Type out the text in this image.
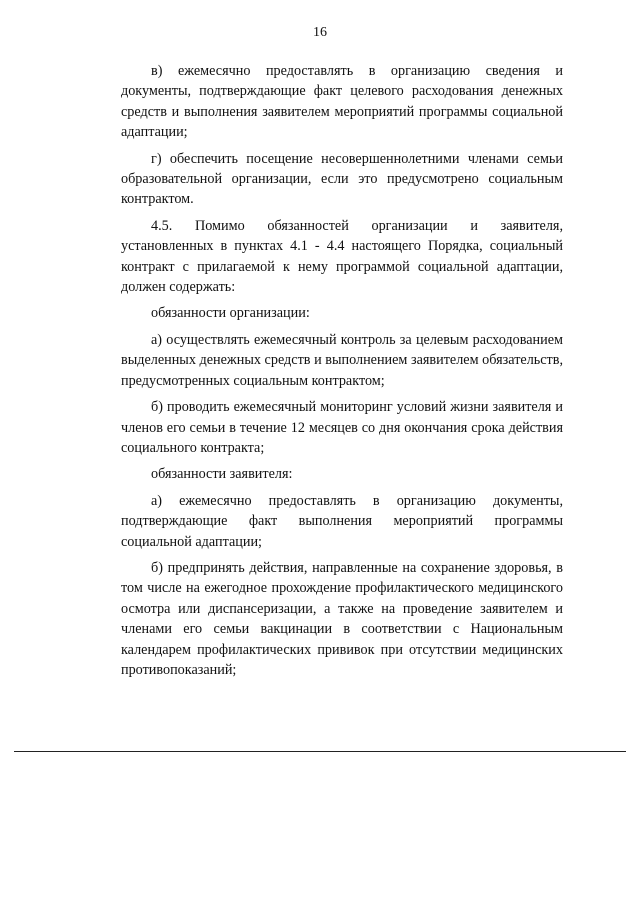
16

в) ежемесячно предоставлять в организацию сведения и документы, подтверждающие факт целевого расходования денежных средств и выполнения заявителем мероприятий программы социальной адаптации;

г) обеспечить посещение несовершеннолетними членами семьи образовательной организации, если это предусмотрено социальным контрактом.

4.5. Помимо обязанностей организации и заявителя, установленных в пунктах 4.1 - 4.4 настоящего Порядка, социальный контракт с прилагаемой к нему программой социальной адаптации, должен содержать:

обязанности организации:

а) осуществлять ежемесячный контроль за целевым расходованием выделенных денежных средств и выполнением заявителем обязательств, предусмотренных социальным контрактом;

б) проводить ежемесячный мониторинг условий жизни заявителя и членов его семьи в течение 12 месяцев со дня окончания срока действия социального контракта;

обязанности заявителя:

а) ежемесячно предоставлять в организацию документы, подтверждающие факт выполнения мероприятий программы социальной адаптации;

б) предпринять действия, направленные на сохранение здоровья, в том числе на ежегодное прохождение профилактического медицинского осмотра или диспансеризации, а также на проведение заявителем и членами его семьи вакцинации в соответствии с Национальным календарем профилактических прививок при отсутствии медицинских противопоказаний;
